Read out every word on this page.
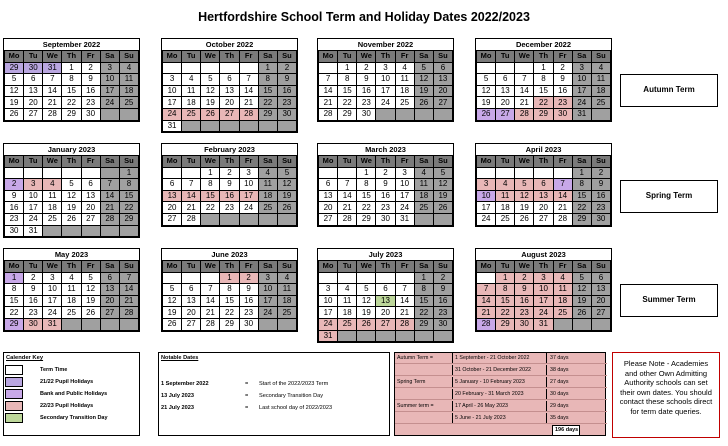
Hertfordshire School Term and Holiday Dates 2022/2023
September 2022
Mo	Tu	We	Th	Fr	Sa	Su
29	30	31	1	2	3	4
5	6	7	8	9	10	11
12	13	14	15	16	17	18
19	20	21	22	23	24	25
26	27	28	29	30		
October 2022
Mo	Tu	We	Th	Fr	Sa	Su
					1	2
3	4	5	6	7	8	9
10	11	12	13	14	15	16
17	18	19	20	21	22	23
24	25	26	27	28	29	30
31						
November 2022
Mo	Tu	We	Th	Fr	Sa	Su
	1	2	3	4	5	6
7	8	9	10	11	12	13
14	15	16	17	18	19	20
21	22	23	24	25	26	27
28	29	30				
December 2022
Mo	Tu	We	Th	Fr	Sa	Su
			1	2	3	4
5	6	7	8	9	10	11
12	13	14	15	16	17	18
19	20	21	22	23	24	25
26	27	28	29	30	31	
January 2023
Mo	Tu	We	Th	Fr	Sa	Su
						1
2	3	4	5	6	7	8
9	10	11	12	13	14	15
16	17	18	19	20	21	22
23	24	25	26	27	28	29
30	31					
February 2023
Mo	Tu	We	Th	Fr	Sa	Su
		1	2	3	4	5
6	7	8	9	10	11	12
13	14	15	16	17	18	19
20	21	22	23	24	25	26
27	28					
March 2023
Mo	Tu	We	Th	Fr	Sa	Su
		1	2	3	4	5
6	7	8	9	10	11	12
13	14	15	16	17	18	19
20	21	22	23	24	25	26
27	28	29	30	31		
April 2023
Mo	Tu	We	Th	Fr	Sa	Su
					1	2
3	4	5	6	7	8	9
10	11	12	13	14	15	16
17	18	19	20	21	22	23
24	25	26	27	28	29	30
May 2023
Mo	Tu	We	Th	Fr	Sa	Su
1	2	3	4	5	6	7
8	9	10	11	12	13	14
15	16	17	18	19	20	21
22	23	24	25	26	27	28
29	30	31				
June 2023
Mo	Tu	We	Th	Fr	Sa	Su
			1	2	3	4
5	6	7	8	9	10	11
12	13	14	15	16	17	18
19	20	21	22	23	24	25
26	27	28	29	30		
July 2023
Mo	Tu	We	Th	Fr	Sa	Su
					1	2
3	4	5	6	7	8	9
10	11	12	13	14	15	16
17	18	19	20	21	22	23
24	25	26	27	28	29	30
31						
August 2023
Mo	Tu	We	Th	Fr	Sa	Su
	1	2	3	4	5	6
7	8	9	10	11	12	13
14	15	16	17	18	19	20
21	22	23	24	25	26	27
28	29	30	31			
Autumn Term
Spring Term
Summer Term
Calender Key
Term Time
21/22 Pupil Holidays
Bank and Public Holidays
22/23 Pupil Holidays
Secondary Transition Day
Notable Dates
1 September 2022	=	Start of the 2022/2023 Term
13 July 2023	=	Secondary Transition Day
21 July 2023	=	Last school day of 2022/2023
Autumn Term =	1 September - 21 October 2022	37 days
31 October - 21 December 2022	38 days
Spring Term	5 January - 10 February 2023	27 days
20 February - 31 March 2023	30 days
Summer term =	17 April - 26 May 2023	29 days
5 June - 21 July 2023	35 days
196 days
Please Note - Academies and other Own Admitting Authority schools can set their own dates. You should contact these schools direct for term date queries.
